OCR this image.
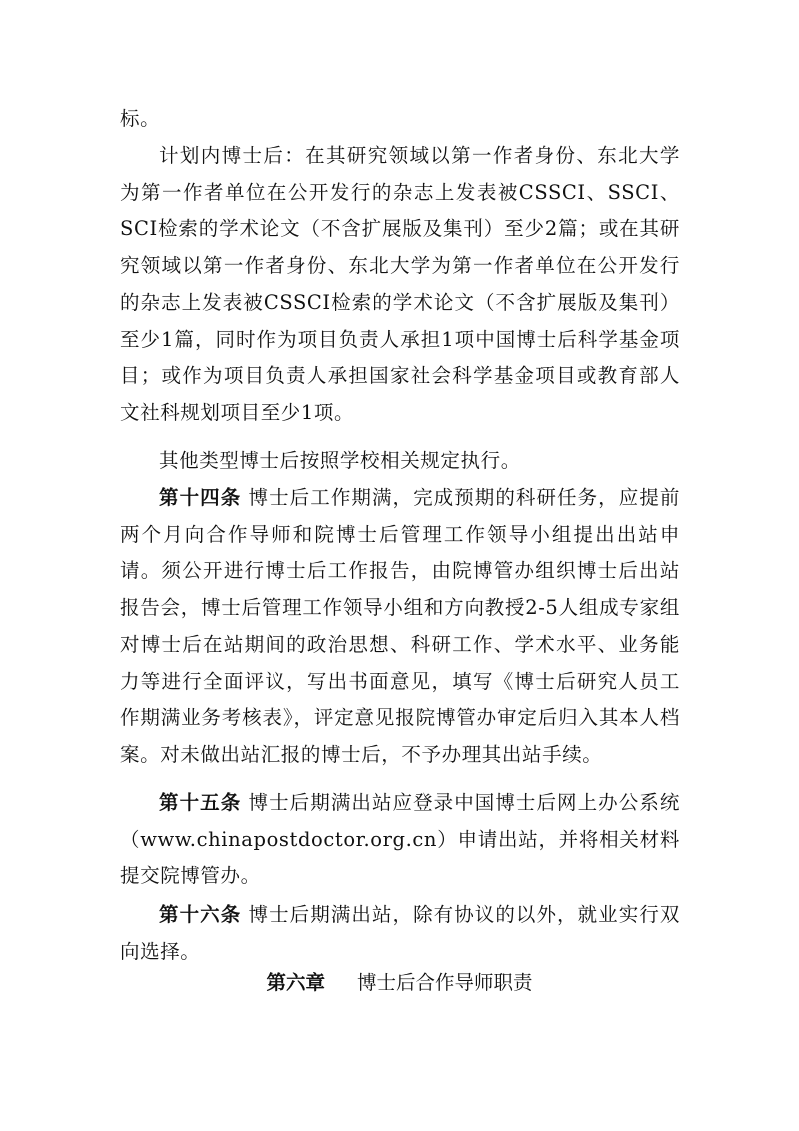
标。

计划内博士后：在其研究领域以第一作者身份、东北大学为第一作者单位在公开发行的杂志上发表被CSSCI、SSCI、SCI检索的学术论文（不含扩展版及集刊）至少2篇；或在其研究领域以第一作者身份、东北大学为第一作者单位在公开发行的杂志上发表被CSSCI检索的学术论文（不含扩展版及集刊）至少1篇，同时作为项目负责人承担1项中国博士后科学基金项目；或作为项目负责人承担国家社会科学基金项目或教育部人文社科规划项目至少1项。

其他类型博士后按照学校相关规定执行。

第十四条 博士后工作期满，完成预期的科研任务，应提前两个月向合作导师和院博士后管理工作领导小组提出出站申请。须公开进行博士后工作报告，由院博管办组织博士后出站报告会，博士后管理工作领导小组和方向教授2-5人组成专家组对博士后在站期间的政治思想、科研工作、学术水平、业务能力等进行全面评议，写出书面意见，填写《博士后研究人员工作期满业务考核表》，评定意见报院博管办审定后归入其本人档案。对未做出站汇报的博士后，不予办理其出站手续。

第十五条 博士后期满出站应登录中国博士后网上办公系统（www.chinapostdoctor.org.cn）申请出站，并将相关材料提交院博管办。

第十六条 博士后期满出站，除有协议的以外，就业实行双向选择。

第六章 博士后合作导师职责
